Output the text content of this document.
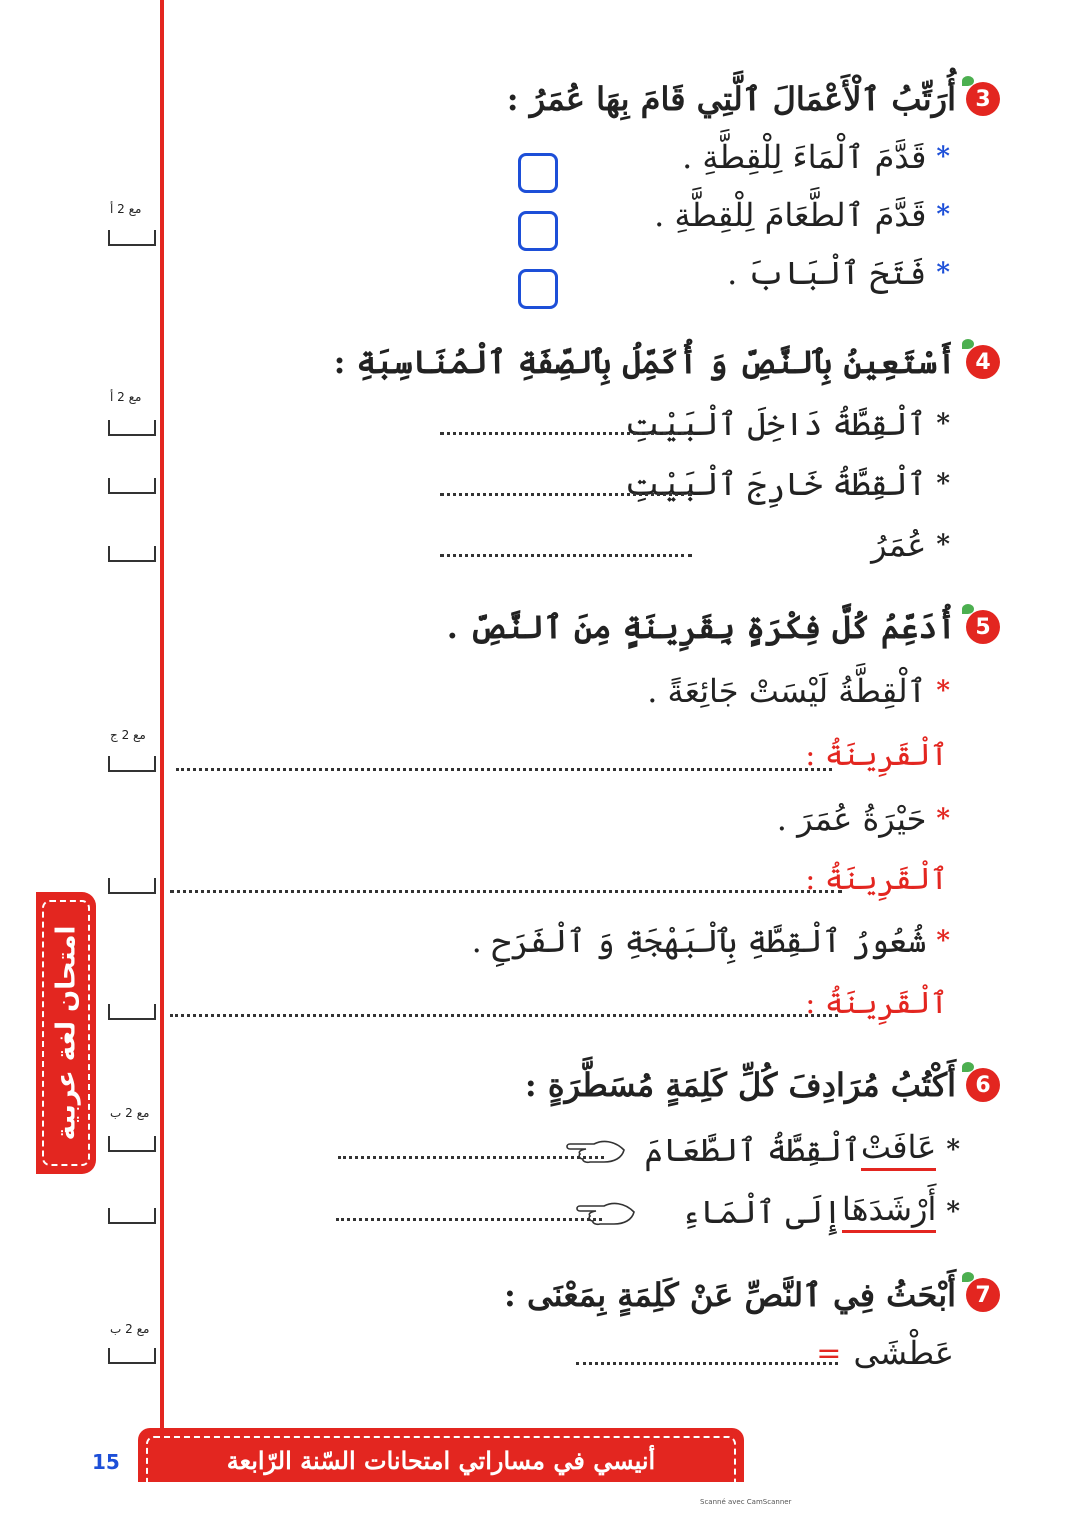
3
أُرَتِّبُ ٱلْأَعْمَالَ ٱلَّتِي قَامَ بِهَا عُمَرُ :
*
قَدَّمَ ٱلْمَاءَ لِلْقِطَّةِ .
*
قَدَّمَ ٱلطَّعَامَ لِلْقِطَّةِ .
*
فَتَحَ ٱلْبَابَ .
4
أَسْتَعِينُ بِٱلنَّصِّ وَ أُكَمِّلُ بِٱلصِّفَةِ ٱلْمُنَاسِبَةِ :
*
ٱلْقِطَّةُ دَاخِلَ ٱلْبَيْتِ
*
ٱلْقِطَّةُ خَارِجَ ٱلْبَيْتِ
*
عُمَرُ
5
أُدَعِّمُ كُلَّ فِكْرَةٍ بِقَرِينَةٍ مِنَ ٱلنَّصِّ .
*
ٱلْقِطَّةُ لَيْسَتْ جَائِعَةً .
ٱلْقَرِينَةُ :
*
حَيْرَةُ عُمَرَ .
ٱلْقَرِينَةُ :
*
شُعُورُ ٱلْقِطَّةِ بِٱلْبَهْجَةِ وَ ٱلْفَرَحِ .
ٱلْقَرِينَةُ :
6
أَكْتُبُ مُرَادِفَ كُلِّ كَلِمَةٍ مُسَطَّرَةٍ :
*
عَافَتْ
ٱلْقِطَّةُ ٱلطَّعَامَ
*
أَرْشَدَهَا
إِلَى ٱلْمَاءِ
7
أَبْحَثُ فِي ٱلنَّصِّ عَنْ كَلِمَةٍ بِمَعْنَى :
عَطْشَى
=
مع 2 أ
مع 2 أ
مع 2 ج
مع 2 ب
مع 2 ب
امتحان لغة عربية
أنيسي في مساراتي امتحانات السّنة الرّابعة
15
Scanné avec CamScanner
